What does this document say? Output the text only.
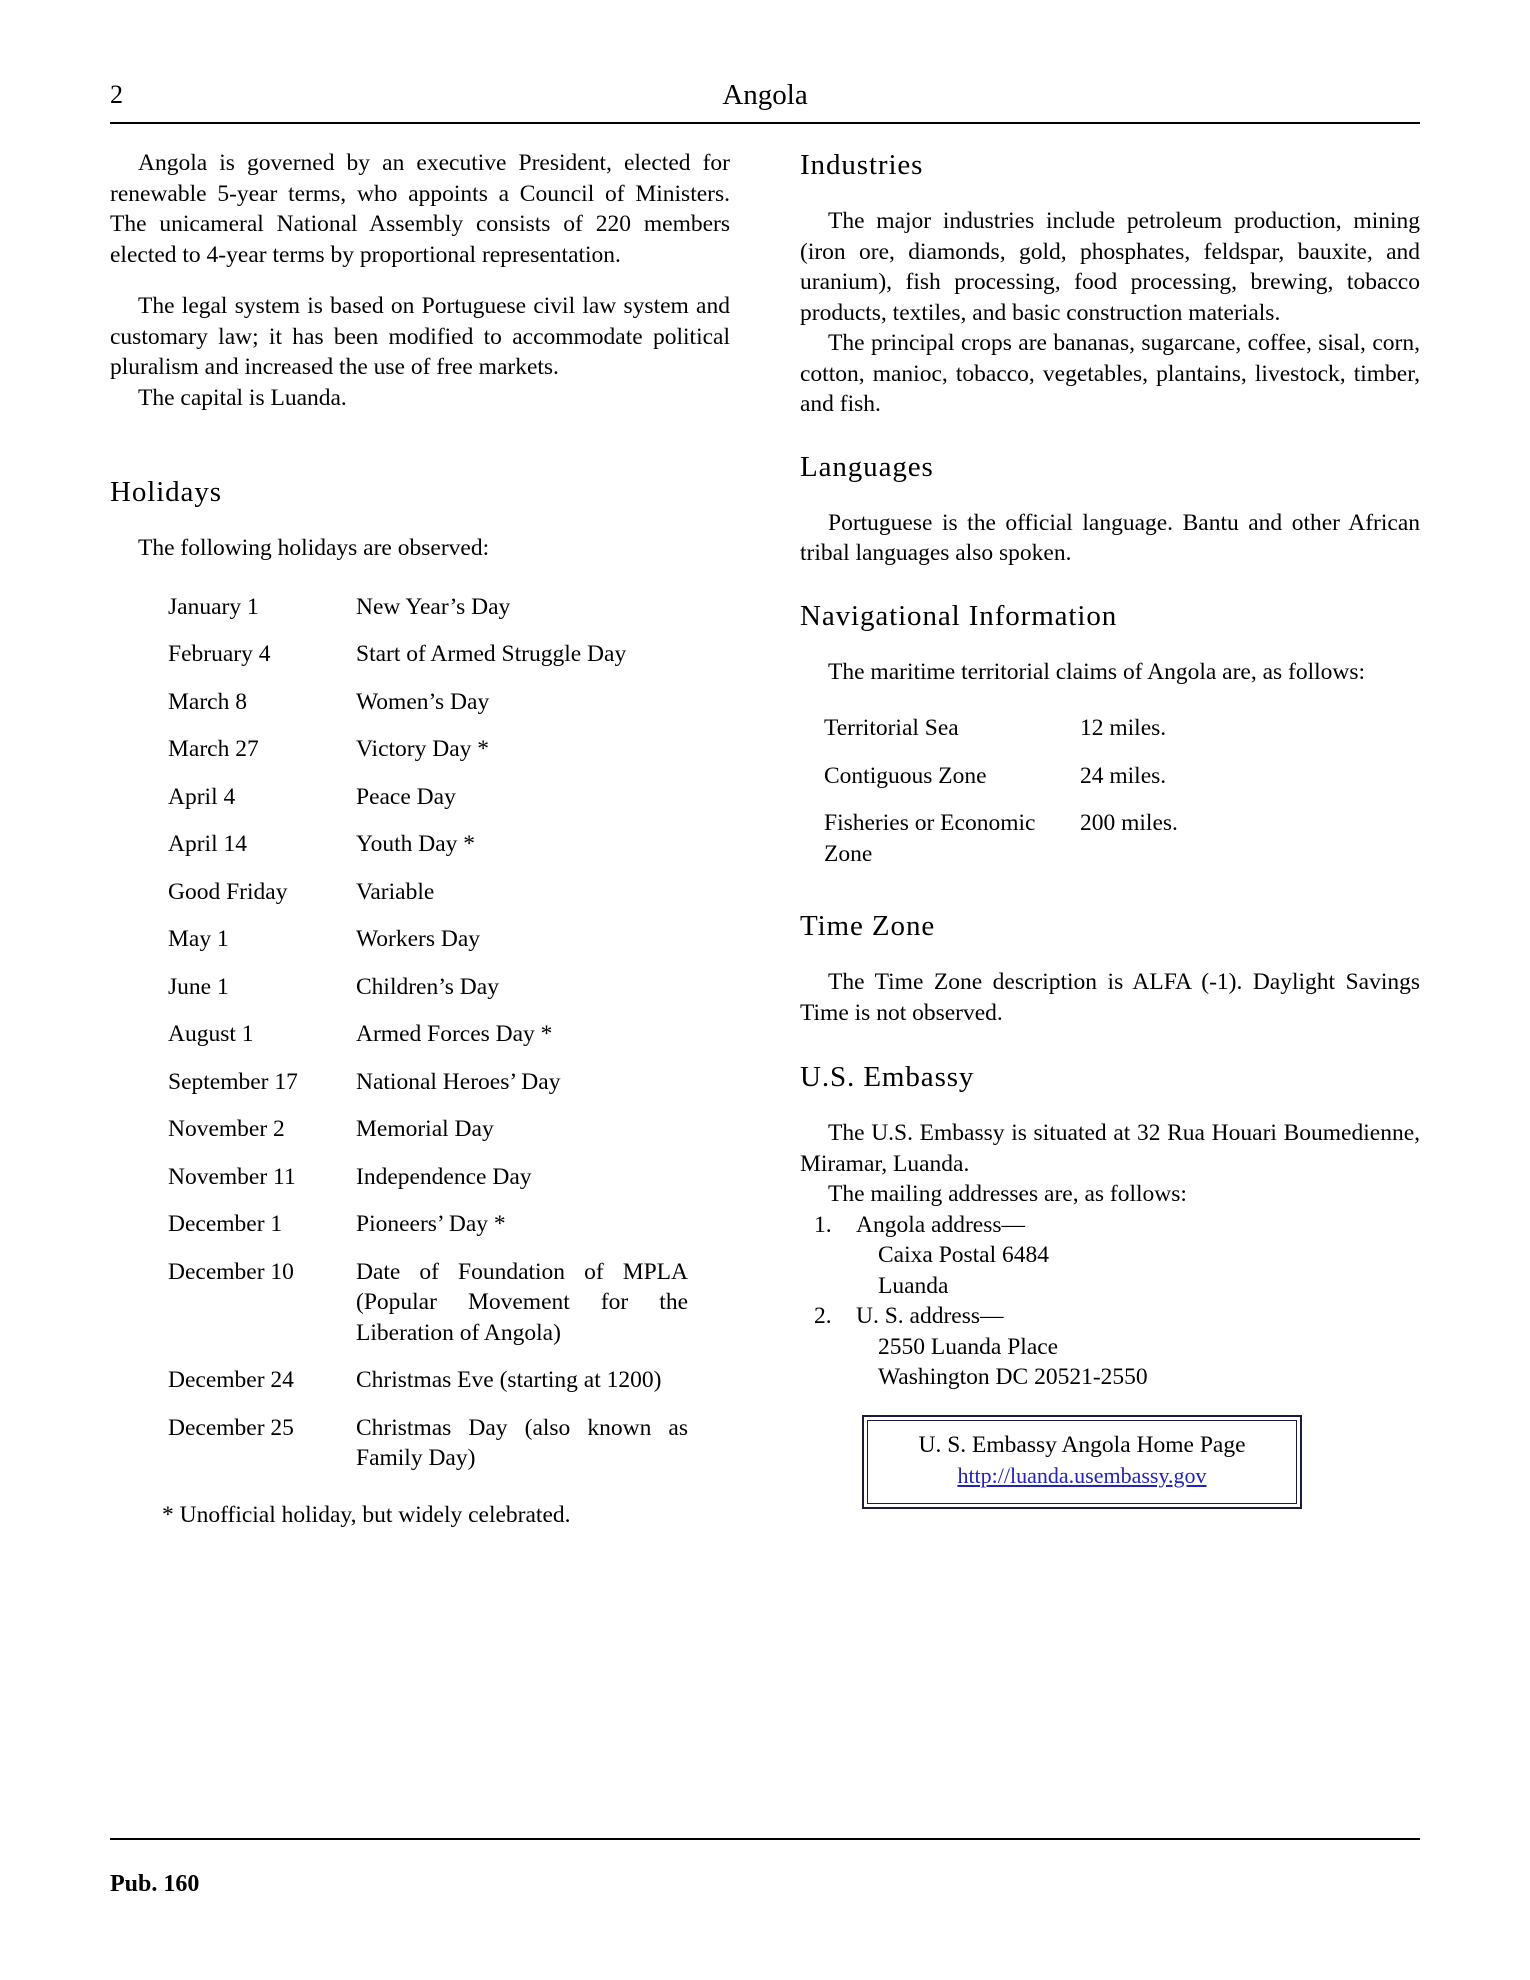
2	Angola

Angola is governed by an executive President, elected for renewable 5-year terms, who appoints a Council of Ministers. The unicameral National Assembly consists of 220 members elected to 4-year terms by proportional representation.

The legal system is based on Portuguese civil law system and customary law; it has been modified to accommodate political pluralism and increased the use of free markets.

The capital is Luanda.

Holidays

The following holidays are observed:

January 1	New Year’s Day
February 4	Start of Armed Struggle Day
March 8	Women’s Day
March 27	Victory Day *
April 4	Peace Day
April 14	Youth Day *
Good Friday	Variable
May 1	Workers Day
June 1	Children’s Day
August 1	Armed Forces Day *
September 17	National Heroes’ Day
November 2	Memorial Day
November 11	Independence Day
December 1	Pioneers’ Day *
December 10	Date of Foundation of MPLA (Popular Movement for the Liberation of Angola)
December 24	Christmas Eve (starting at 1200)
December 25	Christmas Day (also known as Family Day)
* Unofficial holiday, but widely celebrated.
Industries

The major industries include petroleum production, mining (iron ore, diamonds, gold, phosphates, feldspar, bauxite, and uranium), fish processing, food processing, brewing, tobacco products, textiles, and basic construction materials.

The principal crops are bananas, sugarcane, coffee, sisal, corn, cotton, manioc, tobacco, vegetables, plantains, livestock, timber, and fish.

Languages

Portuguese is the official language. Bantu and other African tribal languages also spoken.

Navigational Information

The maritime territorial claims of Angola are, as follows:

Territorial Sea	12 miles.
Contiguous Zone	24 miles.
Fisheries or Economic Zone	200 miles.
Time Zone

The Time Zone description is ALFA (-1). Daylight Savings Time is not observed.

U.S. Embassy

The U.S. Embassy is situated at 32 Rua Houari Boumedienne, Miramar, Luanda.

The mailing addresses are, as follows:

1. Angola address—
Caixa Postal 6484
Luanda
2. U. S. address—
2550 Luanda Place
Washington DC 20521-2550
U. S. Embassy Angola Home Page
http://luanda.usembassy.gov
Pub. 160
